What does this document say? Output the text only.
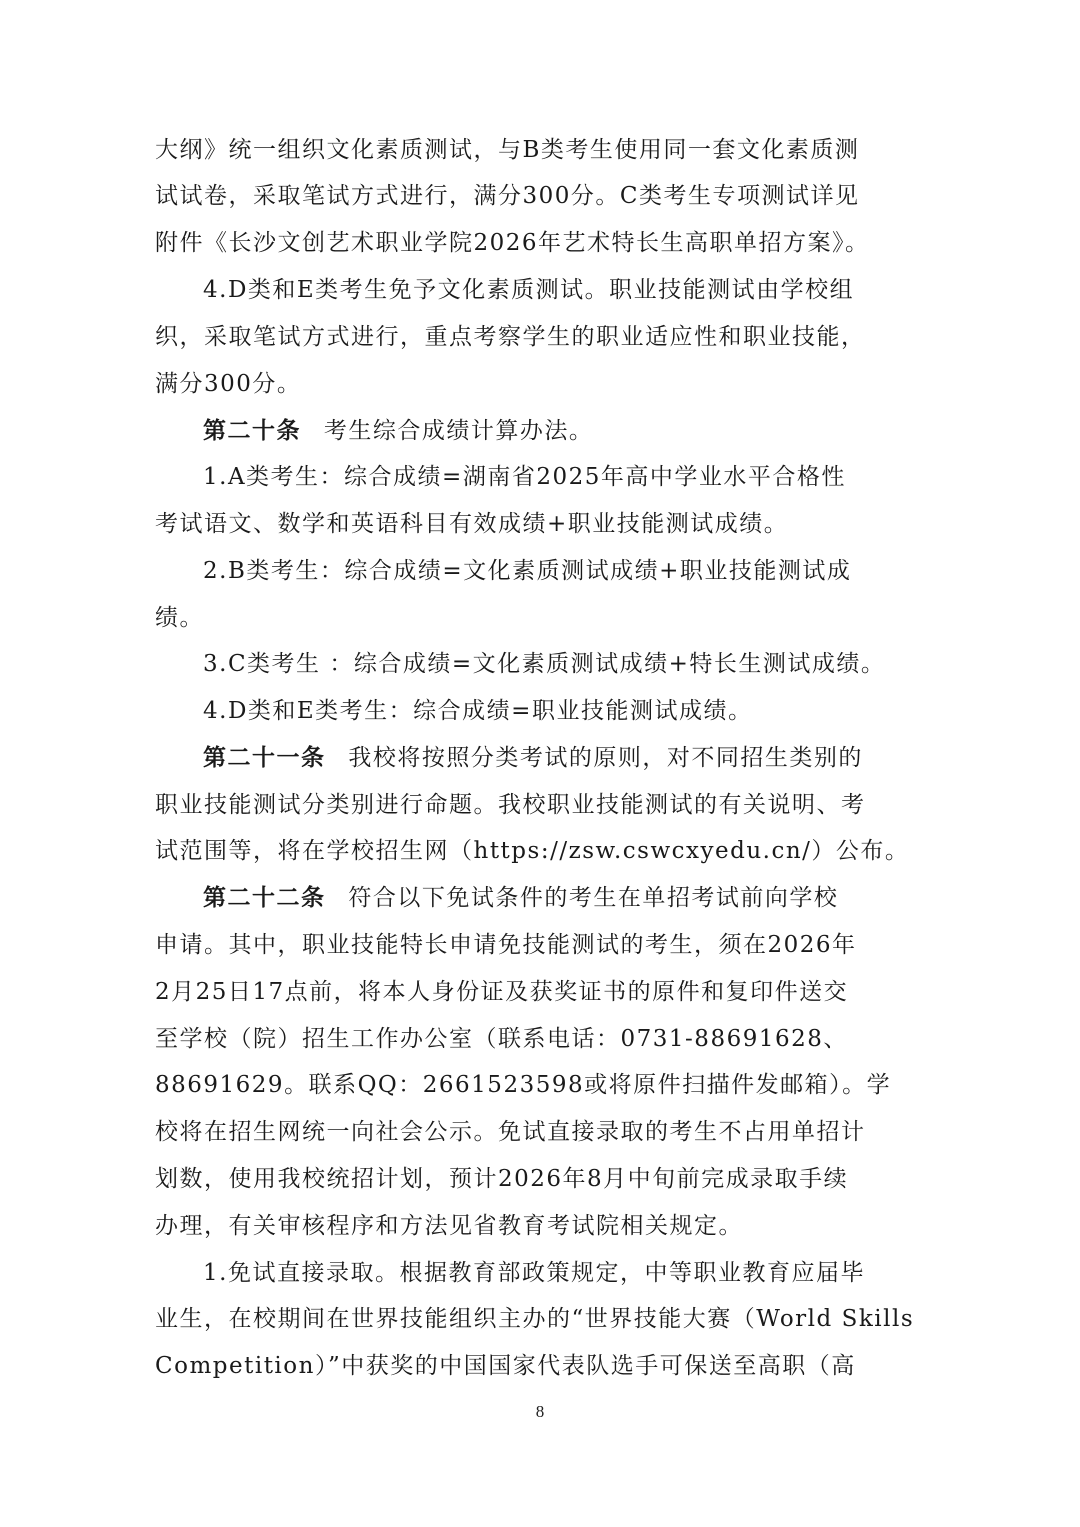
大纲》统一组织文化素质测试，与B类考生使用同一套文化素质测
试试卷，采取笔试方式进行，满分300分。C类考生专项测试详见
附件《长沙文创艺术职业学院2026年艺术特长生高职单招方案》。
4.D类和E类考生免予文化素质测试。职业技能测试由学校组
织，采取笔试方式进行，重点考察学生的职业适应性和职业技能，
满分300分。
第二十条 考生综合成绩计算办法。
1.A类考生：综合成绩=湖南省2025年高中学业水平合格性
考试语文、数学和英语科目有效成绩+职业技能测试成绩。
2.B类考生：综合成绩=文化素质测试成绩+职业技能测试成
绩。
3.C类考生 ：综合成绩=文化素质测试成绩+特长生测试成绩。
4.D类和E类考生：综合成绩=职业技能测试成绩。
第二十一条 我校将按照分类考试的原则，对不同招生类别的
职业技能测试分类别进行命题。我校职业技能测试的有关说明、考
试范围等，将在学校招生网（https://zsw.cswcxyedu.cn/）公布。
第二十二条 符合以下免试条件的考生在单招考试前向学校
申请。其中，职业技能特长申请免技能测试的考生，须在2026年
2月25日17点前，将本人身份证及获奖证书的原件和复印件送交
至学校（院）招生工作办公室（联系电话：0731-88691628、
88691629。联系QQ：2661523598或将原件扫描件发邮箱）。学
校将在招生网统一向社会公示。免试直接录取的考生不占用单招计
划数，使用我校统招计划，预计2026年8月中旬前完成录取手续
办理，有关审核程序和方法见省教育考试院相关规定。
1.免试直接录取。根据教育部政策规定，中等职业教育应届毕
业生，在校期间在世界技能组织主办的“世界技能大赛（World Skills
Competition）”中获奖的中国国家代表队选手可保送至高职（高
8
